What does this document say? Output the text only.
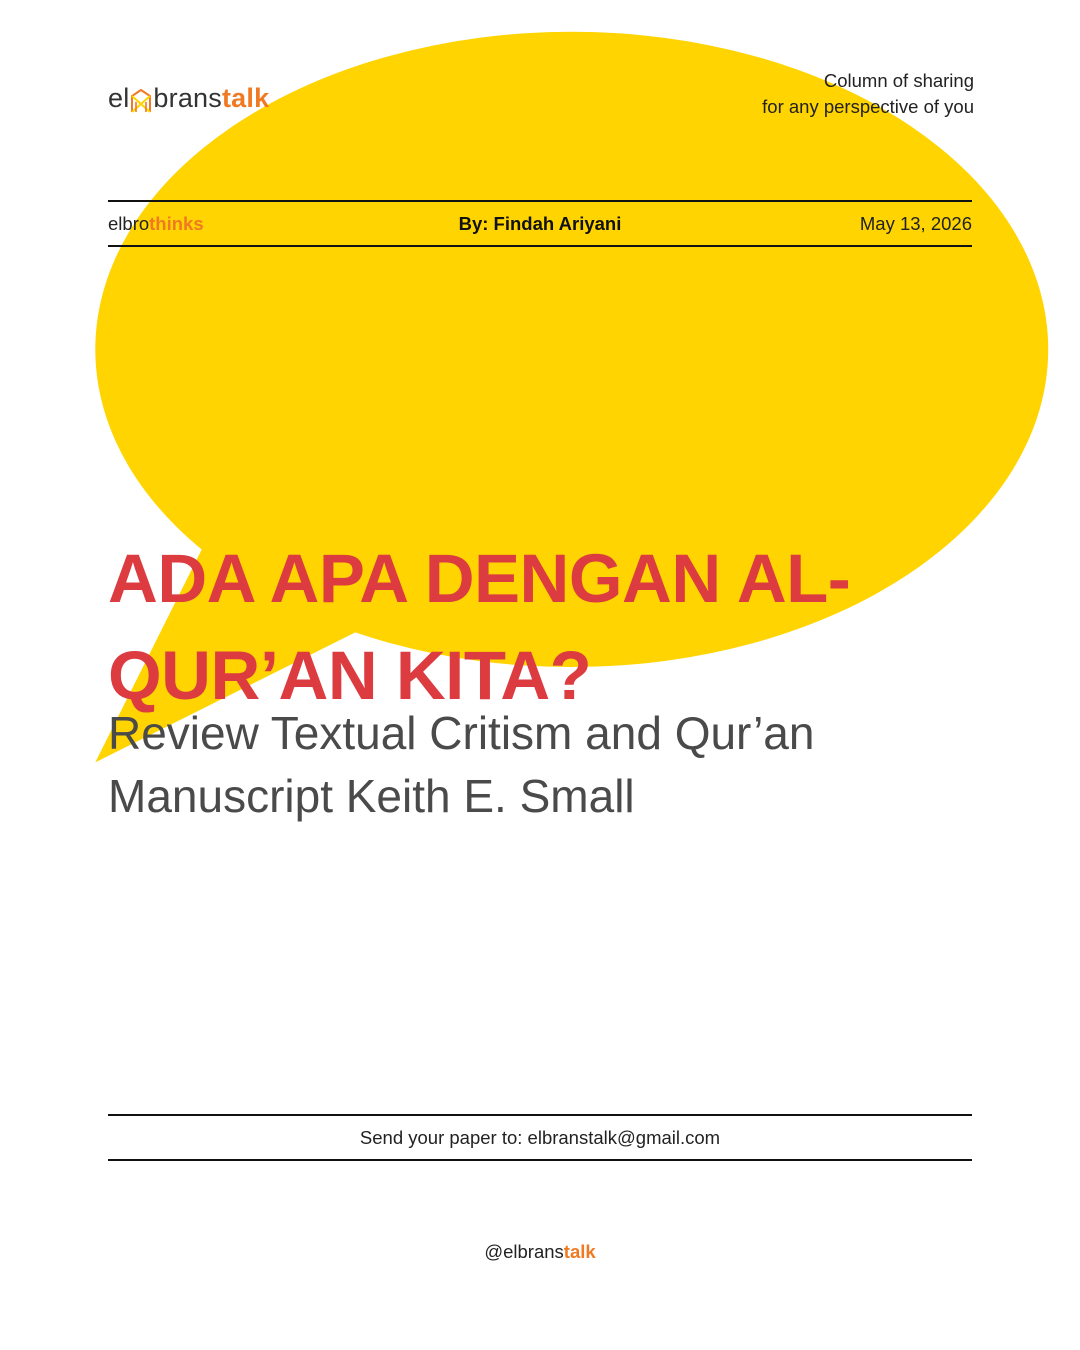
el brans talk
Column of sharing
for any perspective of you
elbrothinks	By: Findah Ariyani	May 13, 2026
ADA APA DENGAN AL-QUR’AN KITA?

Review Textual Critism and Qur’an Manuscript Keith E. Small

Send your paper to: elbranstalk@gmail.com
@elbranstalk
